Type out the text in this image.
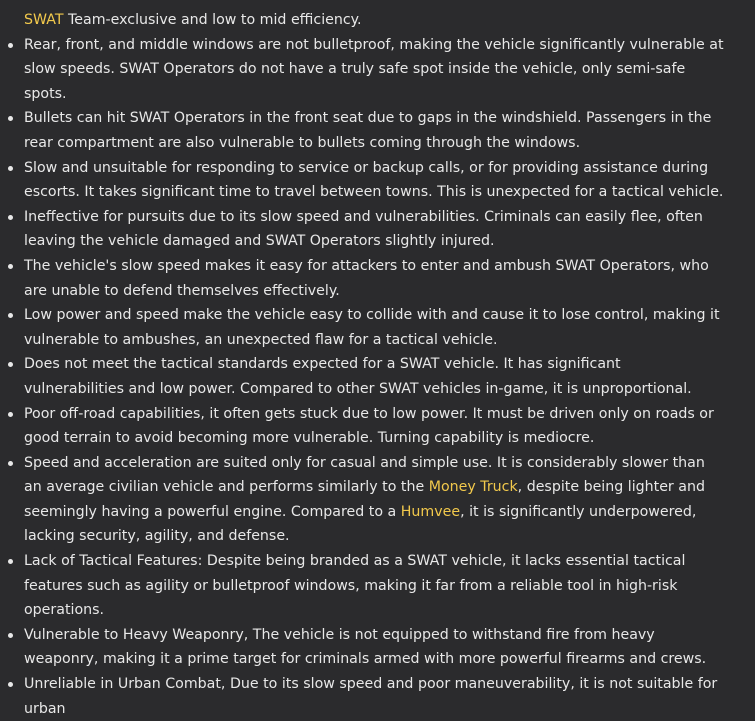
SWAT Team-exclusive and low to mid efficiency.
Rear, front, and middle windows are not bulletproof, making the vehicle significantly vulnerable at slow speeds. SWAT Operators do not have a truly safe spot inside the vehicle, only semi-safe spots.
Bullets can hit SWAT Operators in the front seat due to gaps in the windshield. Passengers in the rear compartment are also vulnerable to bullets coming through the windows.
Slow and unsuitable for responding to service or backup calls, or for providing assistance during escorts. It takes significant time to travel between towns. This is unexpected for a tactical vehicle.
Ineffective for pursuits due to its slow speed and vulnerabilities. Criminals can easily flee, often leaving the vehicle damaged and SWAT Operators slightly injured.
The vehicle's slow speed makes it easy for attackers to enter and ambush SWAT Operators, who are unable to defend themselves effectively.
Low power and speed make the vehicle easy to collide with and cause it to lose control, making it vulnerable to ambushes, an unexpected flaw for a tactical vehicle.
Does not meet the tactical standards expected for a SWAT vehicle. It has significant vulnerabilities and low power. Compared to other SWAT vehicles in-game, it is unproportional.
Poor off-road capabilities, it often gets stuck due to low power. It must be driven only on roads or good terrain to avoid becoming more vulnerable. Turning capability is mediocre.
Speed and acceleration are suited only for casual and simple use. It is considerably slower than an average civilian vehicle and performs similarly to the Money Truck, despite being lighter and seemingly having a powerful engine. Compared to a Humvee, it is significantly underpowered, lacking security, agility, and defense.
Lack of Tactical Features: Despite being branded as a SWAT vehicle, it lacks essential tactical features such as agility or bulletproof windows, making it far from a reliable tool in high-risk operations.
Vulnerable to Heavy Weaponry, The vehicle is not equipped to withstand fire from heavy weaponry, making it a prime target for criminals armed with more powerful firearms and crews.
Unreliable in Urban Combat, Due to its slow speed and poor maneuverability, it is not suitable for urban
